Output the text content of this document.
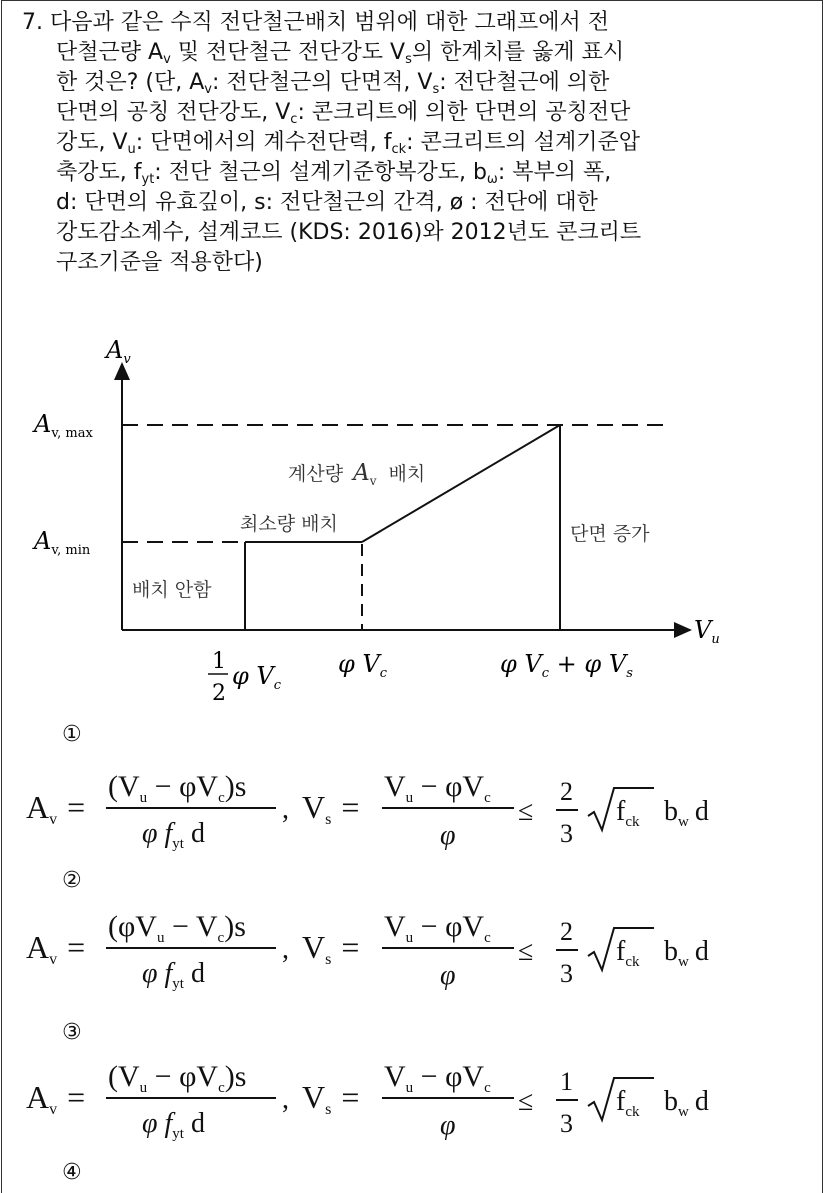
7. 다음과 같은 수직 전단철근배치 범위에 대한 그래프에서 전
단철근량 $A_v$ 및 전단철근 전단강도 $V_s$의 한계치를 옳게 표시
한 것은? (단, $A_v$: 전단철근의 단면적, $V_s$: 전단철근에 의한
단면의 공칭 전단강도, $V_c$: 콘크리트에 의한 단면의 공칭전단
강도, $V_u$: 단면에서의 계수전단력, $f_{ck}$: 콘크리트의 설계기준압
축강도, $f_{yt}$: 전단 철근의 설계기준항복강도, $b_\omega$: 복부의 폭,
d: 단면의 유효깊이, s: 전단철근의 간격, ø : 전단에 대한
강도감소계수, 설계코드 (KDS: 2016)와 2012년도 콘크리트
구조기준을 적용한다)
$A_v$
$V_u$
$A_{v, max}$
$A_{v, min}$
배치 안함
최소량 배치
계산량 $A_v$ 배치
단면 증가
1
2
φ $V_c$
φ $V_c$	φ $V_c + \varphi$ $V_s$
①
Av =
$(V_u - \varphi V_c)s$
φ $f_{yt}$ d
, Vs =
$V_u - \varphi V_c$
φ
≤
2
3
$f_{ck}$ $b_w$ d
②
Av =
$(\varphi V_u - V_c)s$
φ $f_{yt}$ d
, Vs =
$V_u - \varphi V_c$
φ
≤
2
3
$f_{ck}$ $b_w$ d
③
Av =
$(V_u - \varphi V_c)s$
φ $f_{yt}$ d
, Vs =
$V_u - \varphi V_c$
φ
≤
1
3
$f_{ck}$ $b_w$ d
④
